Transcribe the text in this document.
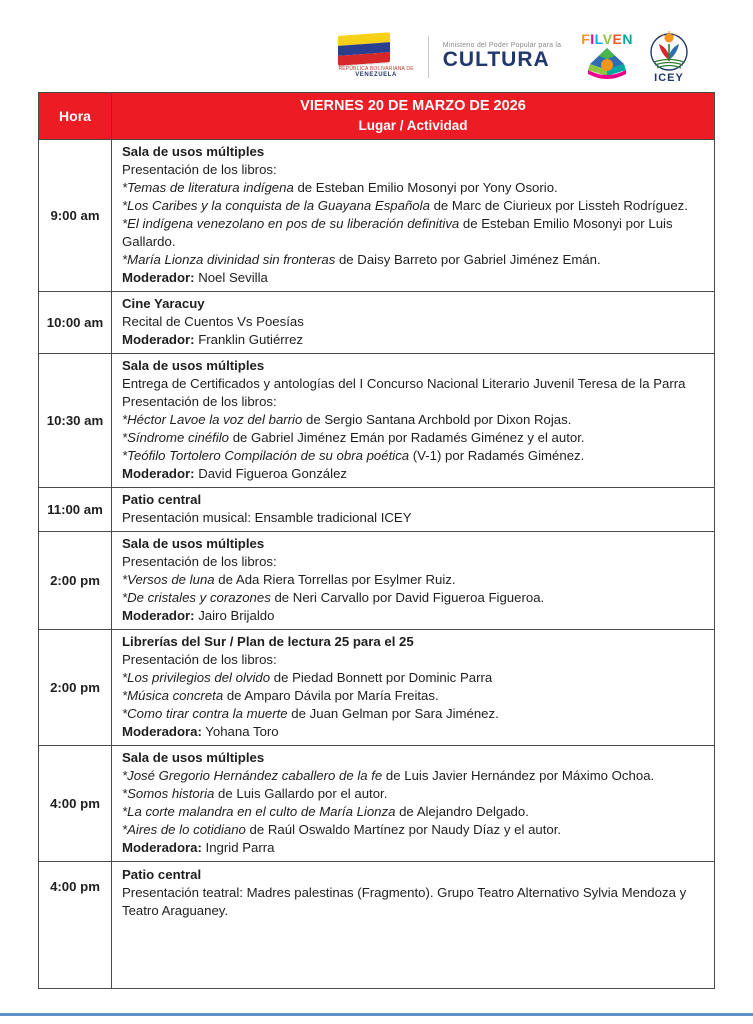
REPÚBLICA BOLIVARIANA DE
VENEZUELA
Ministerio del Poder Popular para la
CULTURA
FILVEN
ICEY
Hora	VIERNES 20 DE MARZO DE 2026
Lugar / Actividad

9:00 am	
Sala de usos múltiples
Presentación de los libros:
*Temas de literatura indígena de Esteban Emilio Mosonyi por Yony Osorio.
*Los Caribes y la conquista de la Guayana Española de Marc de Ciurieux por Lissteh Rodríguez.
*El indígena venezolano en pos de su liberación definitiva de Esteban Emilio Mosonyi por Luis Gallardo.
*María Lionza divinidad sin fronteras de Daisy Barreto por Gabriel Jiménez Emán.
Moderador: Noel Sevilla

10:00 am	Cine Yaracuy
Recital de Cuentos Vs Poesías
Moderador: Franklin Gutiérrez

10:30 am	
Sala de usos múltiples
Entrega de Certificados y antologías del I Concurso Nacional Literario Juvenil Teresa de la Parra
Presentación de los libros:
*Héctor Lavoe la voz del barrio de Sergio Santana Archbold por Dixon Rojas.
*Síndrome cinéfilo de Gabriel Jiménez Emán por Radamés Giménez y el autor.
*Teófilo Tortolero Compilación de su obra poética (V-1) por Radamés Giménez.
Moderador: David Figueroa González

11:00 am	Patio central
Presentación musical: Ensamble tradicional ICEY

2:00 pm	Sala de usos múltiples
Presentación de los libros:
*Versos de luna de Ada Riera Torrellas por Esylmer Ruiz.
*De cristales y corazones de Neri Carvallo por David Figueroa Figueroa.
Moderador: Jairo Brijaldo

2:00 pm	
Librerías del Sur / Plan de lectura 25 para el 25
Presentación de los libros:
*Los privilegios del olvido de Piedad Bonnett por Dominic Parra
*Música concreta de Amparo Dávila por María Freitas.
*Como tirar contra la muerte de Juan Gelman por Sara Jiménez.
Moderadora: Yohana Toro

4:00 pm	
Sala de usos múltiples
*José Gregorio Hernández caballero de la fe de Luis Javier Hernández por Máximo Ochoa.
*Somos historia de Luis Gallardo por el autor.
*La corte malandra en el culto de María Lionza de Alejandro Delgado.
*Aires de lo cotidiano de Raúl Oswaldo Martínez por Naudy Díaz y el autor.
Moderadora: Ingrid Parra

4:00 pm	Patio central
Presentación teatral: Madres palestinas (Fragmento). Grupo Teatro Alternativo Sylvia Mendoza y Teatro Araguaney.
